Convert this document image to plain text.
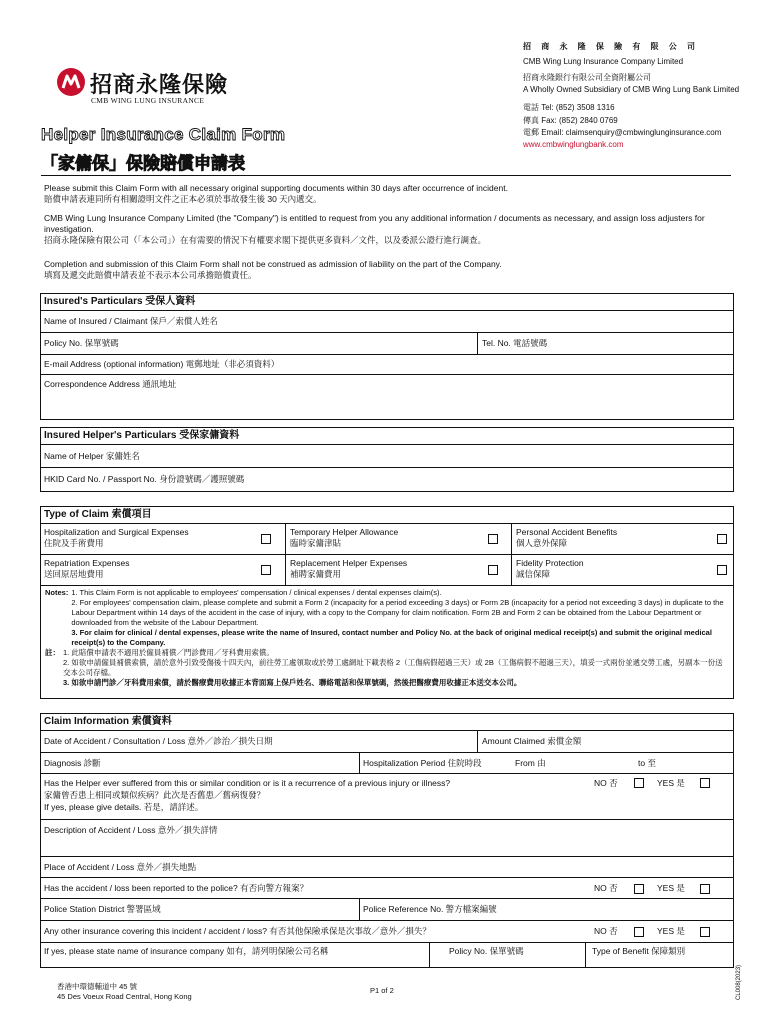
招商永隆保險
CMB WING LUNG INSURANCE
招 商 永 隆 保 險 有 限 公 司
CMB Wing Lung Insurance Company Limited
招商永隆銀行有限公司全資附屬公司
A Wholly Owned Subsidiary of CMB Wing Lung Bank Limited
電話 Tel: (852) 3508 1316
傳真 Fax: (852) 2840 0769
電郵 Email: claimsenquiry@cmbwinglunginsurance.com
www.cmbwinglungbank.com
Helper Insurance Claim Form
「家傭保」保險賠償申請表
Please submit this Claim Form with all necessary original supporting documents within 30 days after occurrence of incident.
賠償申請表連同所有相關證明文件之正本必須於事故發生後 30 天內遞交。
CMB Wing Lung Insurance Company Limited (the "Company") is entitled to request from you any additional information / documents as necessary, and assign loss adjusters for investigation.
招商永隆保險有限公司（「本公司」）在有需要的情況下有權要求閣下提供更多資料／文件，以及委派公證行進行調查。
Completion and submission of this Claim Form shall not be construed as admission of liability on the part of the Company.
填寫及遞交此賠償申請表並不表示本公司承擔賠償責任。
Insured's Particulars 受保人資料
Name of Insured / Claimant 保戶／索償人姓名
Policy No. 保單號碼	Tel. No. 電話號碼
E-mail Address (optional information) 電郵地址（非必須資料）
Correspondence Address 通訊地址
Insured Helper's Particulars 受保家傭資料
Name of Helper 家傭姓名
HKID Card No. / Passport No. 身份證號碼／護照號碼
Type of Claim 索償項目
Hospitalization and Surgical Expenses
住院及手術費用
Temporary Helper Allowance
臨時家傭津貼
Personal Accident Benefits
個人意外保障
Repatriation Expenses
送回原居地費用
Replacement Helper Expenses
補聘家傭費用
Fidelity Protection
誠信保障
Notes: 1. This Claim Form is not applicable to employees' compensation / clinical expenses / dental expenses claim(s).
2. For employees' compensation claim, please complete and submit a Form 2 (incapacity for a period exceeding 3 days) or Form 2B (incapacity for a period not exceeding 3 days) in duplicate to the Labour Department within 14 days of the accident in the case of injury, with a copy to the Company for claim notification. Form 2B and Form 2 can be obtained from the Labour Department or downloaded from the website of the Labour Department.
3. For claim for clinical / dental expenses, please write the name of Insured, contact number and Policy No. at the back of original medical receipt(s) and submit the original medical receipt(s) to the Company.
註： 1. 此賠償申請表不適用於僱員補償／門診費用／牙科費用索償。
2. 如欲申請僱員補償索償，請於意外引致受傷後十四天內，前往勞工處領取或於勞工處網址下載表格 2（工傷病假超過三天）或 2B（工傷病假不超過三天），填妥一式兩份並遞交勞工處，另副本一份送交本公司存檔。
3. 如欲申請門診／牙科費用索償，請於醫療費用收據正本背面寫上保戶姓名、聯絡電話和保單號碼，然後把醫療費用收據正本送交本公司。
Claim Information 索償資料
Date of Accident / Consultation / Loss 意外／診治／損失日期	Amount Claimed 索償金額
Diagnosis 診斷	Hospitalization Period 住院時段	From 由	to 至
Has the Helper ever suffered from this or similar condition or is it a recurrence of a previous injury or illness?
家傭曾否患上相同或類似疾病？此次是否舊患／舊病復發？
If yes, please give details. 若是，請詳述。
NO 否	YES 是
Description of Accident / Loss 意外／損失詳情
Place of Accident / Loss 意外／損失地點
Has the accident / loss been reported to the police? 有否向警方報案？	NO 否	YES 是
Police Station District 警署區域	Police Reference No. 警方檔案編號
Any other insurance covering this incident / accident / loss? 有否其他保險承保是次事故／意外／損失？	NO 否	YES 是
If yes, please state name of insurance company 如有，請列明保險公司名稱	Policy No. 保單號碼	Type of Benefit 保障類別
香港中環德輔道中 45 號
45 Des Voeux Road Central, Hong Kong
P1 of 2	CL008(2023)
